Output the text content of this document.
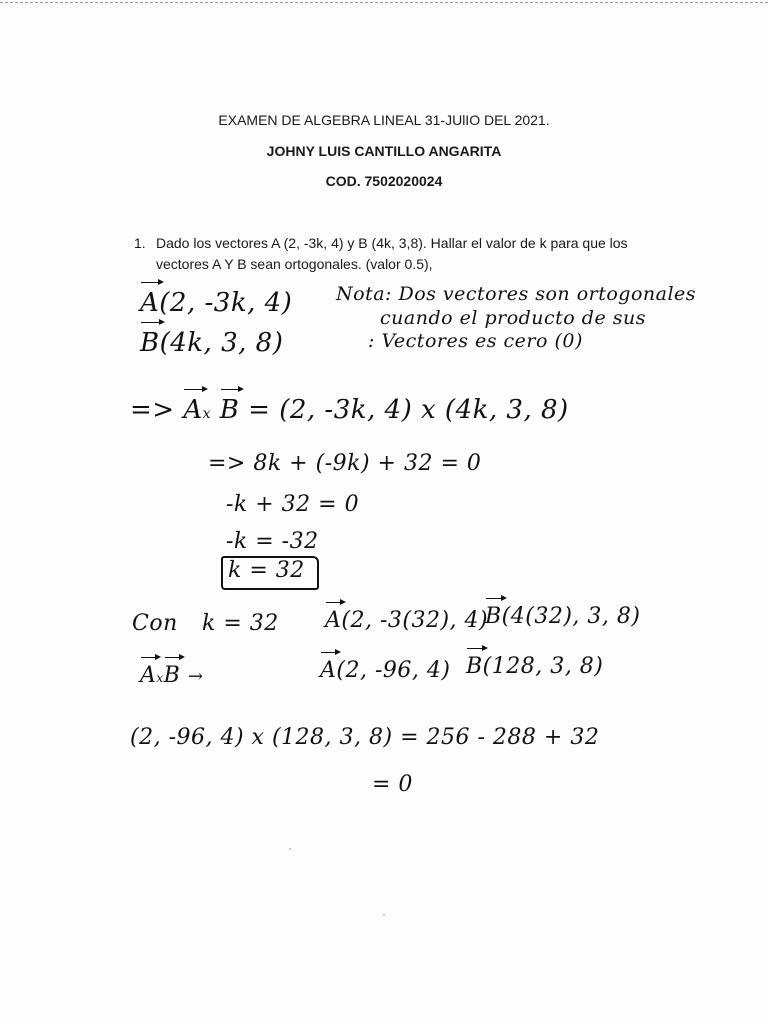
EXAMEN DE ALGEBRA LINEAL 31-JUlIO DEL 2021.
JOHNY LUIS CANTILLO ANGARITA
COD. 7502020024
1. Dado los vectores A (2, -3k, 4) y B (4k, 3,8). Hallar el valor de k para que los
vectores A Y B sean ortogonales. (valor 0.5),
A(2, -3k, 4)
B(4k, 3, 8)
Nota: Dos vectores son ortogonales
cuando el producto de sus
: Vectores es cero (0)
=> Ax B = (2, -3k, 4) x (4k, 3, 8)
=> 8k + (-9k) + 32 = 0
-k + 32 = 0
-k = -32
k = 32
Con k = 32 A(2, -3(32), 4)
B(4(32), 3, 8)
AxB →	A(2, -96, 4) B(128, 3, 8)
(2, -96, 4) x (128, 3, 8) = 256 - 288 + 32
= 0
